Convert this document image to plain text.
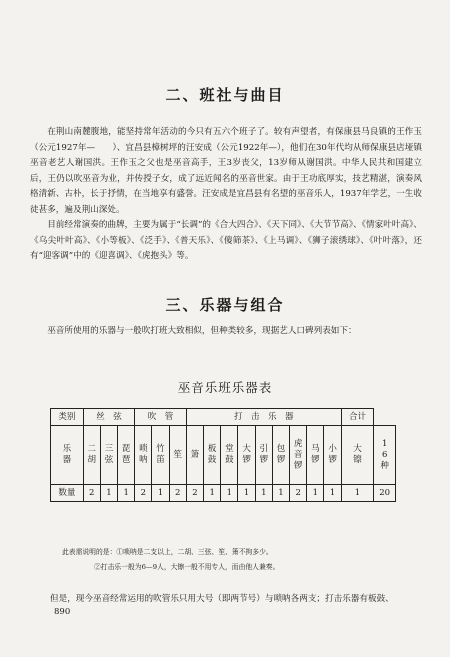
二、班社与曲目

在荆山南麓腹地，能坚持常年活动的今只有五六个班子了。较有声望者，有保康县马良镇的王作玉（公元1927年—　　）、宜昌县樟树坪的汪安成（公元1922年—），他们在30年代均从师保康县店垭镇巫音老艺人谢国洪。王作玉之父也是巫音高手，王3岁丧父，13岁师从谢国洪。中华人民共和国建立后，王仍以吹巫音为业，并传授子女，成了远近闻名的巫音世家。由于王功底厚实，技艺精湛，演奏风格清新、古朴，长于抒情，在当地享有盛誉。汪安成是宜昌县有名望的巫音乐人，1937年学艺，一生收徒甚多，遍及荆山深处。

目前经常演奏的曲牌，主要为属于“长调”的《合大四合》、《天下同》、《大节节高》、《情家叶叶高》、《乌尖叶叶高》、《小等板》、《泛手》、《普天乐》、《傻筛茶》、《上马调》、《狮子滚绣球》、《叶叶落》，还有“迎客调”中的《迎喜调》、《虎抱头》等。

三、乐器与组合

巫音所使用的乐器与一般吹打班大致相似，但种类较多，现据艺人口碑列表如下：

巫音乐班乐器表
类别	丝　弦			吹　管			打　击　乐　器									合计	
乐器	二胡	三弦	琵琶	唢呐	竹笛	笙	箫	板鼓	堂鼓	大锣	引锣	包锣	虎音锣	马锣	小锣	大镲	16种
数量	2	1	1	2	1	2	2	1	1	1	1	1	2	1	1	1	20
此表需说明的是：①唢呐是二支以上，二胡、三弦、笙、箫不拘多少。
②打击乐一般为6—9人，大镲一般不用专人，而由他人兼奏。
但是，现今巫音经常运用的吹管乐只用大号（即两节号）与唢呐各两支；打击乐器有板鼓、
890
